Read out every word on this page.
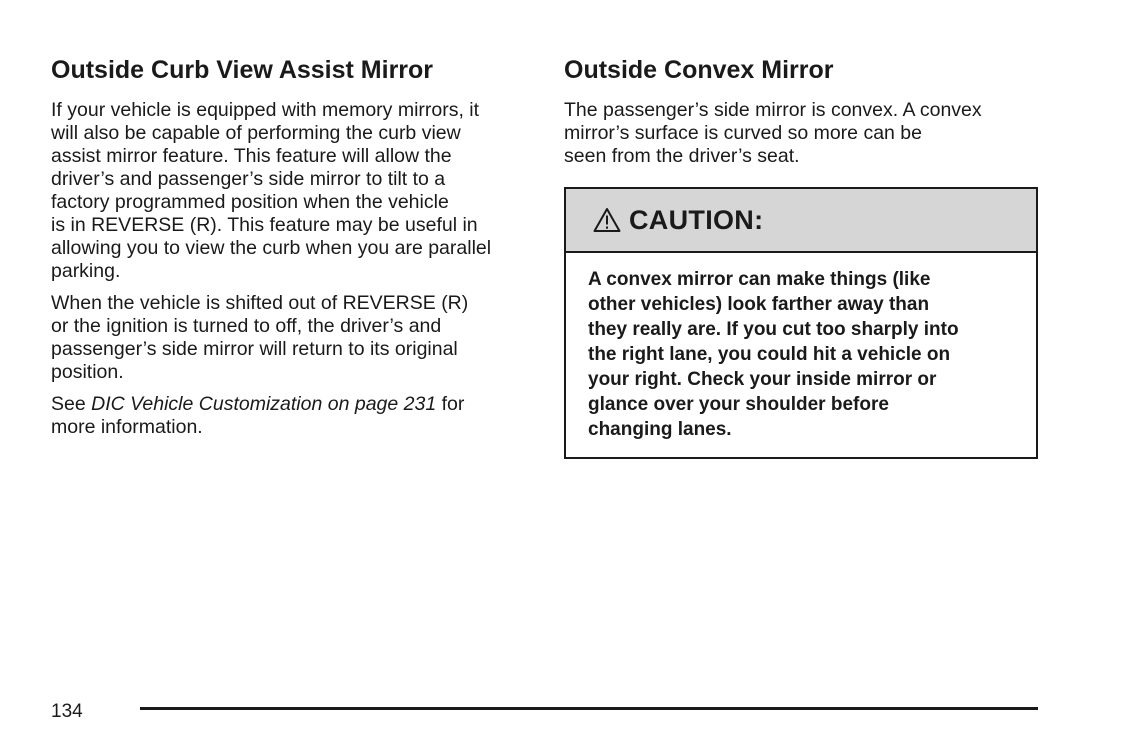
Outside Curb View Assist Mirror

If your vehicle is equipped with memory mirrors, it
will also be capable of performing the curb view
assist mirror feature. This feature will allow the
driver’s and passenger’s side mirror to tilt to a
factory programmed position when the vehicle
is in REVERSE (R). This feature may be useful in
allowing you to view the curb when you are parallel
parking.

When the vehicle is shifted out of REVERSE (R)
or the ignition is turned to off, the driver’s and
passenger’s side mirror will return to its original
position.

See DIC Vehicle Customization on page 231 for
more information.

Outside Convex Mirror

The passenger’s side mirror is convex. A convex
mirror’s surface is curved so more can be
seen from the driver’s seat.

CAUTION:
A convex mirror can make things (like
other vehicles) look farther away than
they really are. If you cut too sharply into
the right lane, you could hit a vehicle on
your right. Check your inside mirror or
glance over your shoulder before
changing lanes.
134
